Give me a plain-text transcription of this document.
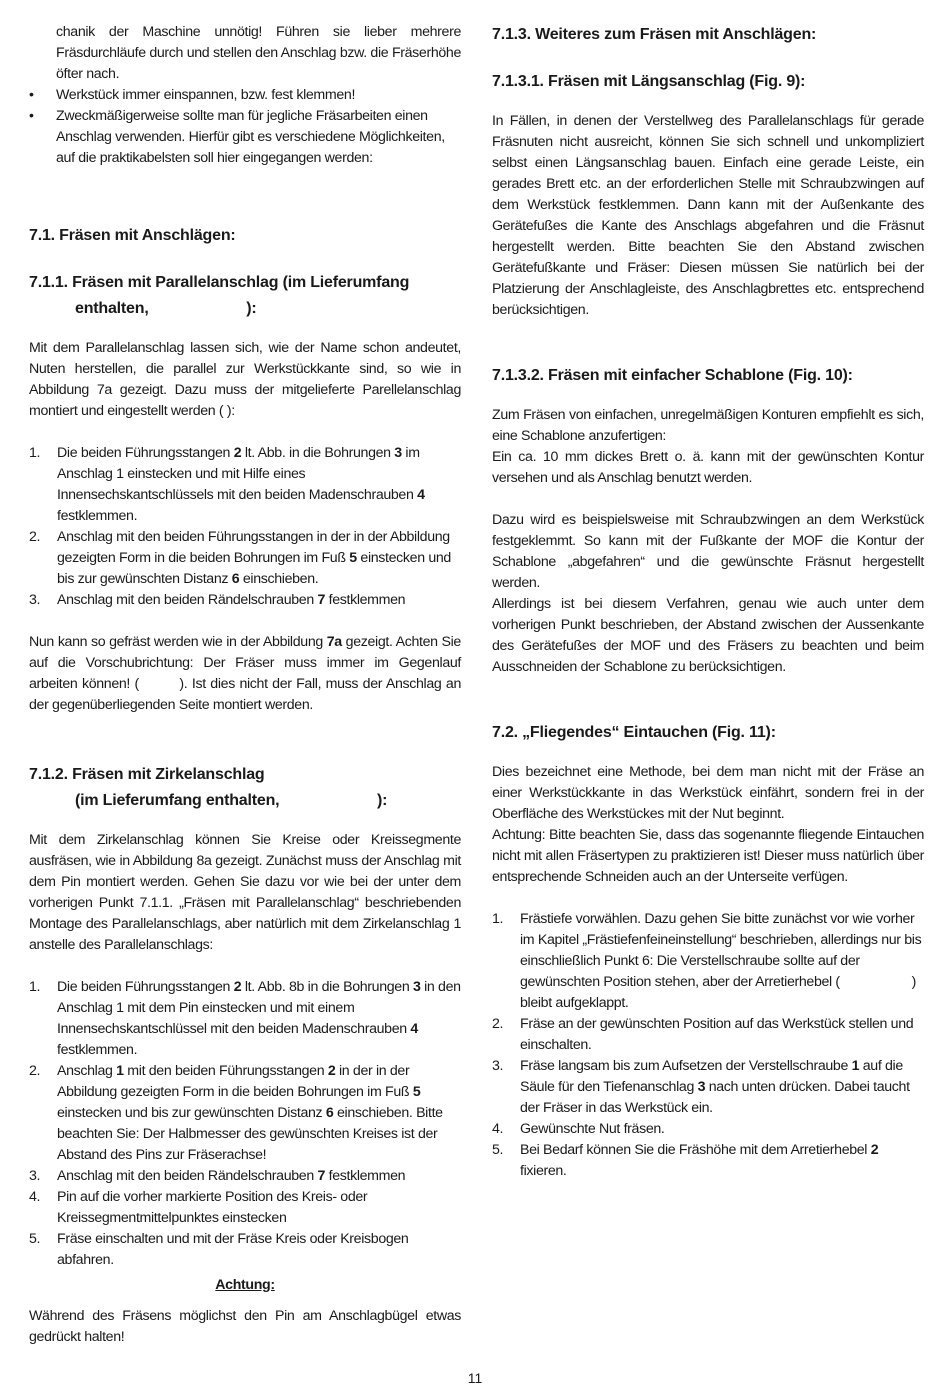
chanik der Maschine unnötig! Führen sie lieber mehrere Fräsdurchläufe durch und stellen den Anschlag bzw. die Fräserhöhe öfter nach.

• Werkstück immer einspannen, bzw. fest klemmen!
• Zweckmäßigerweise sollte man für jegliche Fräsarbeiten einen Anschlag verwenden. Hierfür gibt es verschiedene Möglichkeiten, auf die praktikabelsten soll hier eingegangen werden:

7.1. Fräsen mit Anschlägen:

7.1.1. Fräsen mit Parallelanschlag (im Lieferumfang
enthalten,                       ):

Mit dem Parallelanschlag lassen sich, wie der Name schon andeutet, Nuten herstellen, die parallel zur Werkstückkante sind, so wie in Abbildung 7a gezeigt. Dazu muss der mitgelieferte Parellelanschlag montiert und eingestellt werden ( ):

1. Die beiden Führungsstangen 2 lt. Abb. in die Bohrungen 3 im Anschlag 1 einstecken und mit Hilfe eines Innensechskantschlüssels mit den beiden Madenschrauben 4 festklemmen.
2. Anschlag mit den beiden Führungsstangen in der in der Abbildung gezeigten Form in die beiden Bohrungen im Fuß 5 einstecken und bis zur gewünschten Distanz 6 einschieben.
3. Anschlag mit den beiden Rändelschrauben 7 festklemmen

Nun kann so gefräst werden wie in der Abbildung 7a gezeigt. Achten Sie auf die Vorschubrichtung: Der Fräser muss immer im Gegenlauf arbeiten können! (         ). Ist dies nicht der Fall, muss der Anschlag an der gegenüberliegenden Seite montiert werden.

7.1.2. Fräsen mit Zirkelanschlag
(im Lieferumfang enthalten,                       ):

Mit dem Zirkelanschlag können Sie Kreise oder Kreissegmente ausfräsen, wie in Abbildung 8a gezeigt. Zunächst muss der Anschlag mit dem Pin montiert werden. Gehen Sie dazu vor wie bei der unter dem vorherigen Punkt 7.1.1. „Fräsen mit Parallelanschlag“ beschriebenden Montage des Parallelanschlags, aber natürlich mit dem Zirkelanschlag 1 anstelle des Parallelanschlags:

1. Die beiden Führungsstangen 2 lt. Abb. 8b in die Bohrungen 3 in den Anschlag 1 mit dem Pin einstecken und mit einem Innensechskantschlüssel mit den beiden Madenschrauben 4 festklemmen.
2. Anschlag 1 mit den beiden Führungsstangen 2 in der in der Abbildung gezeigten Form in die beiden Bohrungen im Fuß 5 einstecken und bis zur gewünschten Distanz 6 einschieben. Bitte beachten Sie: Der Halbmesser des gewünschten Kreises ist der Abstand des Pins zur Fräserachse!
3. Anschlag mit den beiden Rändelschrauben 7 festklemmen
4. Pin auf die vorher markierte Position des Kreis- oder Kreissegmentmittelpunktes einstecken
5. Fräse einschalten und mit der Fräse Kreis oder Kreisbogen abfahren.

Achtung:

Während des Fräsens möglichst den Pin am Anschlagbügel etwas gedrückt halten!

7.1.3. Weiteres zum Fräsen mit Anschlägen:

7.1.3.1. Fräsen mit Längsanschlag (Fig. 9):

In Fällen, in denen der Verstellweg des Parallelanschlags für gerade Fräsnuten nicht ausreicht, können Sie sich schnell und unkompliziert selbst einen Längsanschlag bauen. Einfach eine gerade Leiste, ein gerades Brett etc. an der erforderlichen Stelle mit Schraubzwingen auf dem Werkstück festklemmen. Dann kann mit der Außenkante des Gerätefußes die Kante des Anschlags abgefahren und die Fräsnut hergestellt werden. Bitte beachten Sie den Abstand zwischen Gerätefußkante und Fräser: Diesen müssen Sie natürlich bei der Platzierung der Anschlagleiste, des Anschlagbrettes etc. entsprechend berücksichtigen.

7.1.3.2. Fräsen mit einfacher Schablone (Fig. 10):

Zum Fräsen von einfachen, unregelmäßigen Konturen empfiehlt es sich, eine Schablone anzufertigen:

Ein ca. 10 mm dickes Brett o. ä. kann mit der gewünschten Kontur versehen und als Anschlag benutzt werden.

Dazu wird es beispielsweise mit Schraubzwingen an dem Werkstück festgeklemmt. So kann mit der Fußkante der MOF die Kontur der Schablone „abgefahren“ und die gewünschte Fräsnut hergestellt werden.

Allerdings ist bei diesem Verfahren, genau wie auch unter dem vorherigen Punkt beschrieben, der Abstand zwischen der Aussenkante des Gerätefußes der MOF und des Fräsers zu beachten und beim Ausschneiden der Schablone zu berücksichtigen.

7.2. „Fliegendes“ Eintauchen (Fig. 11):

Dies bezeichnet eine Methode, bei dem man nicht mit der Fräse an einer Werkstückkante in das Werkstück einfährt, sondern frei in der Oberfläche des Werkstückes mit der Nut beginnt.

Achtung: Bitte beachten Sie, dass das sogenannte fliegende Eintauchen nicht mit allen Fräsertypen zu praktizieren ist! Dieser muss natürlich über entsprechende Schneiden auch an der Unterseite verfügen.

1. Frästiefe vorwählen. Dazu gehen Sie bitte zunächst vor wie vorher im Kapitel „Frästiefenfeineinstellung“ beschrieben, allerdings nur bis einschließlich Punkt 6: Die Verstellschraube sollte auf der gewünschten Position stehen, aber der Arretierhebel (                    ) bleibt aufgeklappt.
2. Fräse an der gewünschten Position auf das Werkstück stellen und einschalten.
3. Fräse langsam bis zum Aufsetzen der Verstellschraube 1 auf die Säule für den Tiefenanschlag 3 nach unten drücken. Dabei taucht der Fräser in das Werkstück ein.
4. Gewünschte Nut fräsen.
5. Bei Bedarf können Sie die Fräshöhe mit dem Arretierhebel 2 fixieren.
11
